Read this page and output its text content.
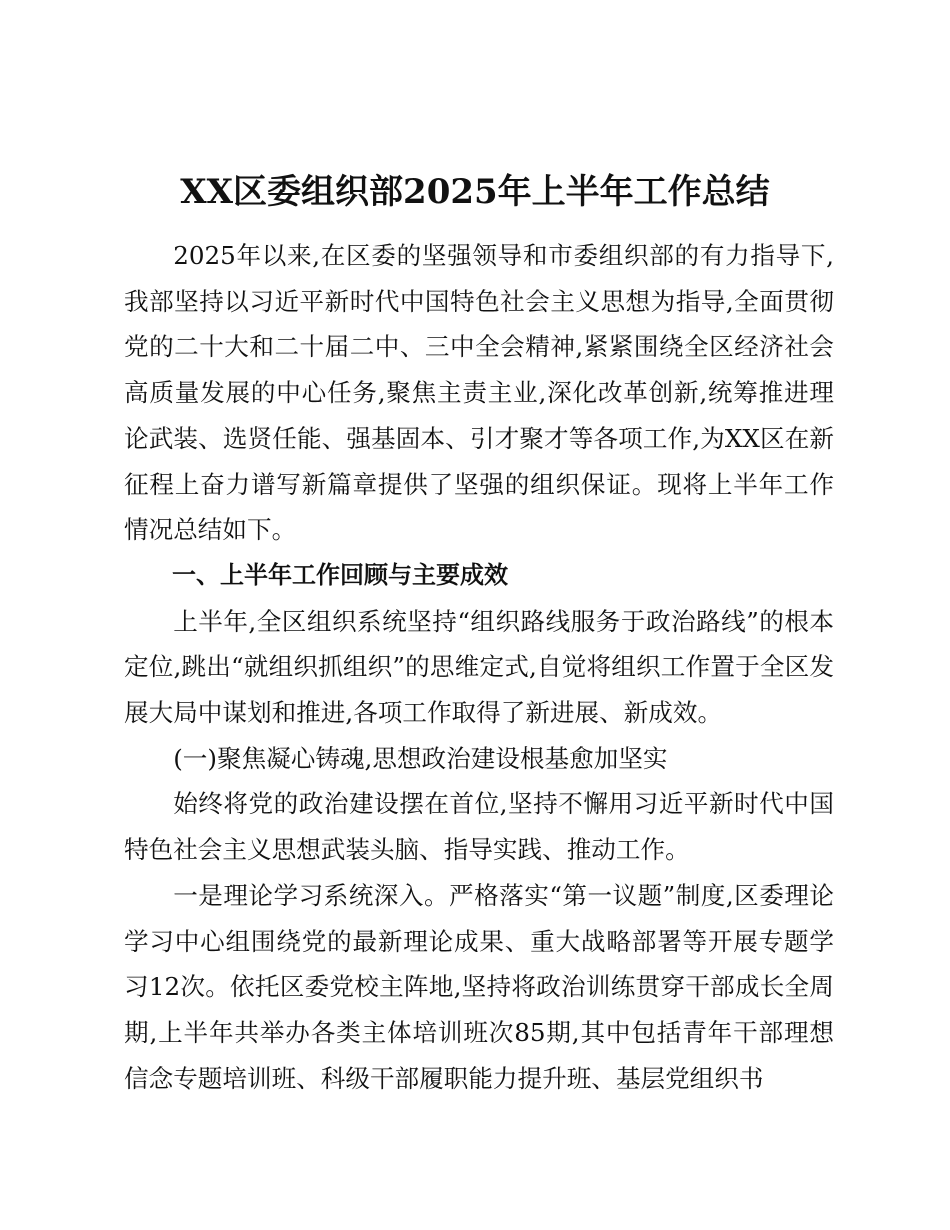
XX区委组织部2025年上半年工作总结

2025年以来,在区委的坚强领导和市委组织部的有力指导下,我部坚持以习近平新时代中国特色社会主义思想为指导,全面贯彻党的二十大和二十届二中、三中全会精神,紧紧围绕全区经济社会高质量发展的中心任务,聚焦主责主业,深化改革创新,统筹推进理论武装、选贤任能、强基固本、引才聚才等各项工作,为XX区在新征程上奋力谱写新篇章提供了坚强的组织保证。现将上半年工作情况总结如下。

一、上半年工作回顾与主要成效

上半年,全区组织系统坚持“组织路线服务于政治路线”的根本定位,跳出“就组织抓组织”的思维定式,自觉将组织工作置于全区发展大局中谋划和推进,各项工作取得了新进展、新成效。

(一)聚焦凝心铸魂,思想政治建设根基愈加坚实

始终将党的政治建设摆在首位,坚持不懈用习近平新时代中国特色社会主义思想武装头脑、指导实践、推动工作。

一是理论学习系统深入。严格落实“第一议题”制度,区委理论学习中心组围绕党的最新理论成果、重大战略部署等开展专题学习12次。依托区委党校主阵地,坚持将政治训练贯穿干部成长全周期,上半年共举办各类主体培训班次85期,其中包括青年干部理想信念专题培训班、科级干部履职能力提升班、基层党组织书
